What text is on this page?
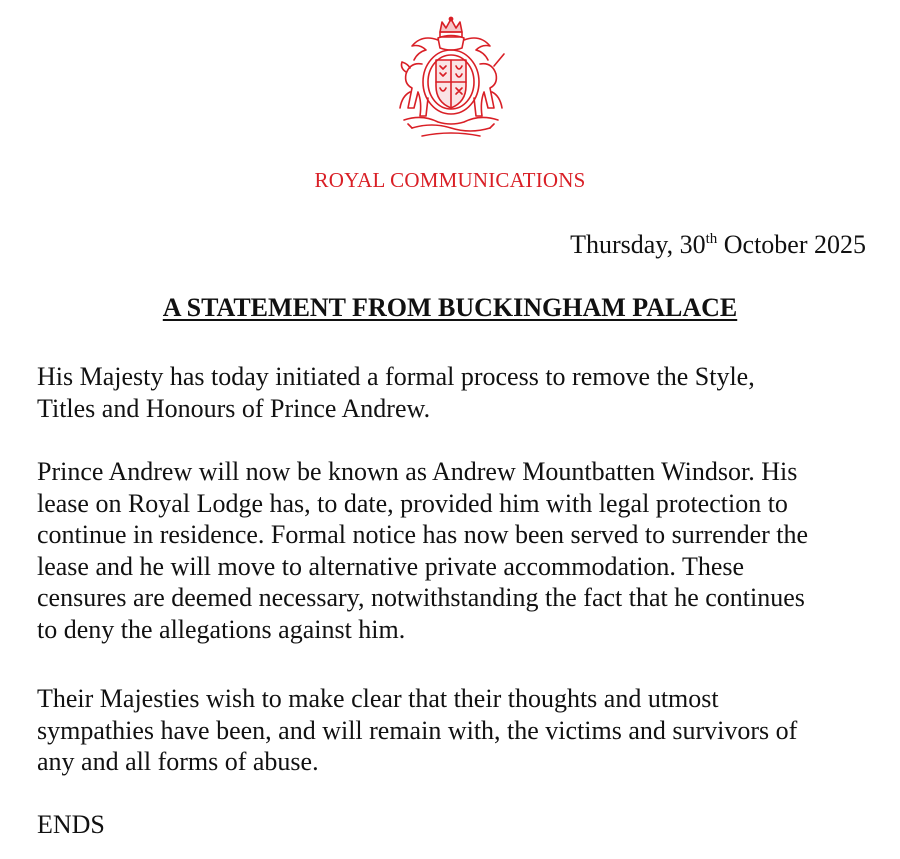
ROYAL COMMUNICATIONS
Thursday, 30th October 2025
A STATEMENT FROM BUCKINGHAM PALACE
His Majesty has today initiated a formal process to remove the Style,
Titles and Honours of Prince Andrew.
Prince Andrew will now be known as Andrew Mountbatten Windsor. His
lease on Royal Lodge has, to date, provided him with legal protection to
continue in residence. Formal notice has now been served to surrender the
lease and he will move to alternative private accommodation. These
censures are deemed necessary, notwithstanding the fact that he continues
to deny the allegations against him.
Their Majesties wish to make clear that their thoughts and utmost
sympathies have been, and will remain with, the victims and survivors of
any and all forms of abuse.
ENDS
